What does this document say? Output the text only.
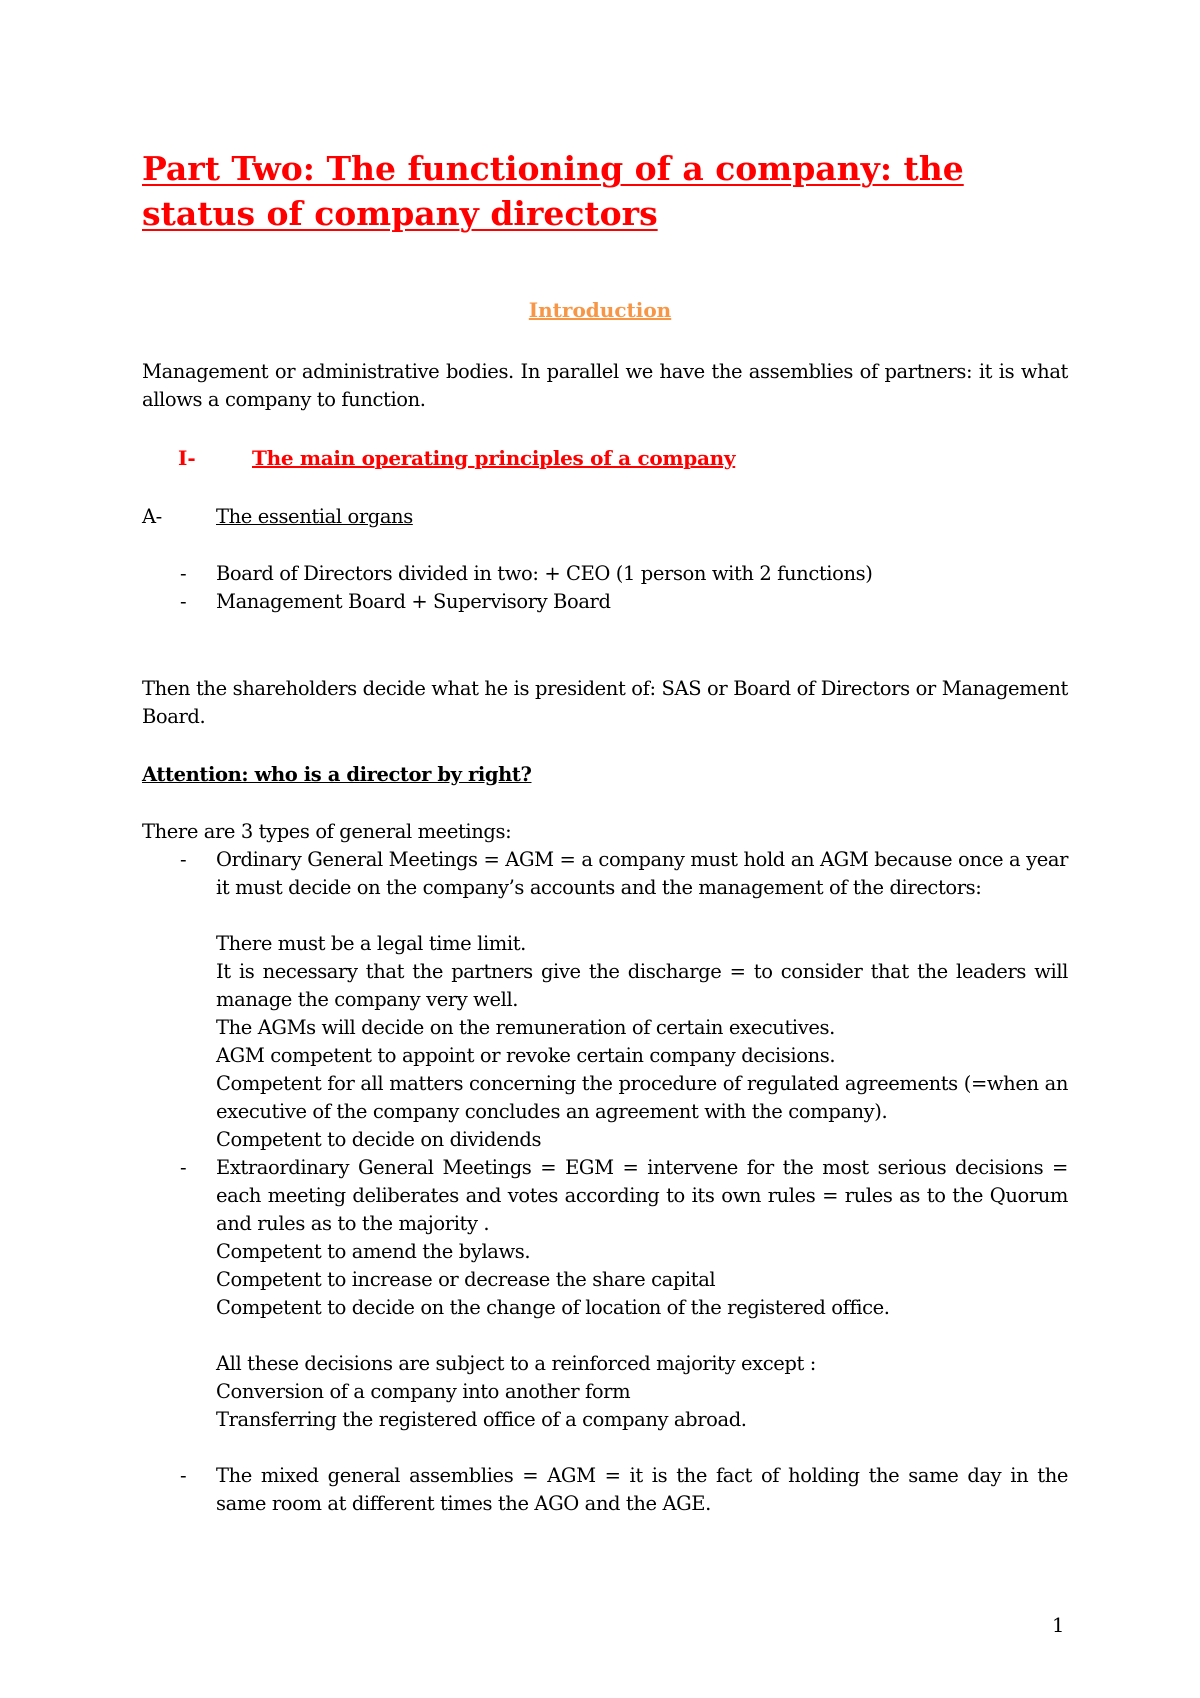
Part Two: The functioning of a company: the status of company directors
Introduction
Management or administrative bodies. In parallel we have the assemblies of partners: it is what allows a company to function.
I-	The main operating principles of a company
A-	The essential organs
- Board of Directors divided in two: + CEO (1 person with 2 functions)
- Management Board + Supervisory Board
Then the shareholders decide what he is president of: SAS or Board of Directors or Management Board.
Attention: who is a director by right?
There are 3 types of general meetings:
- Ordinary General Meetings = AGM = a company must hold an AGM because once a year it must decide on the company’s accounts and the management of the directors:
There must be a legal time limit.
It is necessary that the partners give the discharge = to consider that the leaders will manage the company very well.
The AGMs will decide on the remuneration of certain executives.
AGM competent to appoint or revoke certain company decisions.
Competent for all matters concerning the procedure of regulated agreements (=when an executive of the company concludes an agreement with the company).
Competent to decide on dividends
- Extraordinary General Meetings = EGM = intervene for the most serious decisions = each meeting deliberates and votes according to its own rules = rules as to the Quorum and rules as to the majority .
Competent to amend the bylaws.
Competent to increase or decrease the share capital
Competent to decide on the change of location of the registered office.
All these decisions are subject to a reinforced majority except :
Conversion of a company into another form
Transferring the registered office of a company abroad.
- The mixed general assemblies = AGM = it is the fact of holding the same day in the same room at different times the AGO and the AGE.
1
